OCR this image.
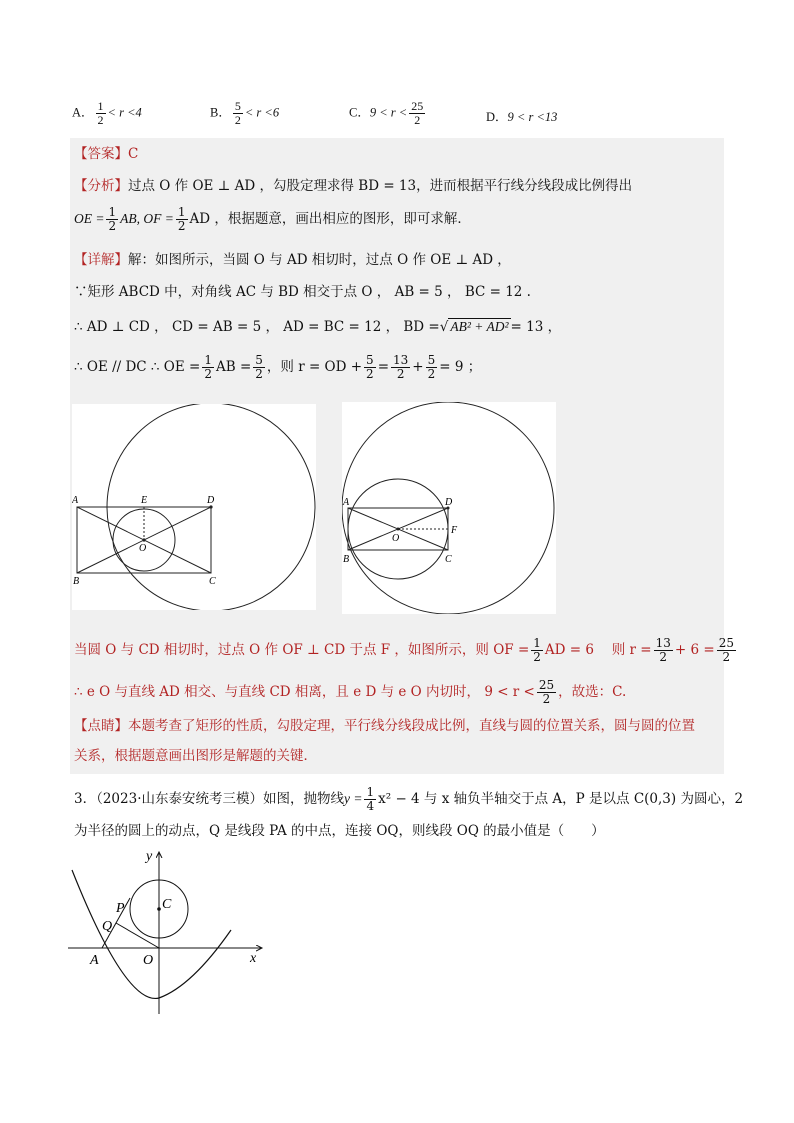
A． $\frac{1}{2} < r <4$	B． $\frac{5}{2} < r <6$	C．$9 < r < \frac{25}{2}$	D．9 < r <13
【答案】C
【分析】过点 O 作 OE ⊥ AD ，勾股定理求得 BD = 13，进而根据平行线分线段成比例得出
OE = $\frac{1}{2}$ AB, OF = $\frac{1}{2}$ AD ，根据题意，画出相应的图形，即可求解．
【详解】解：如图所示，当圆 O 与 AD 相切时，过点 O 作 OE ⊥ AD ，
∵矩形 ABCD 中，对角线 AC 与 BD 相交于点 O ， AB = 5 ， BC = 12 .
∴ AD ⊥ CD ， CD = AB = 5 ， AD = BC = 12 ， BD =√ AB² + AD² = 13 ，
∴ OE // DC ∴ OE = $\frac{1}{2}$ AB = $\frac{5}{2}$ ，则 r = OD + $\frac{5}{2} = \frac{13}{2} + \frac{5}{2} = 9$ ；
A	E	D
O
B	C
A	D
F
O
B	C
当圆 O 与 CD 相切时，过点 O 作 OF ⊥ CD 于点 F ，如图所示，则 OF = $\frac{1}{2}$ AD = 6　 则 $r = \frac{13}{2} + 6 = \frac{25}{2}$
∴ e O 与直线 AD 相交、与直线 CD 相离，且 e D 与 e O 内切时， $9 < r < \frac{25}{2}$ ，故选：C.
【点睛】本题考查了矩形的性质，勾股定理，平行线分线段成比例，直线与圆的位置关系，圆与圆的位置
关系，根据题意画出图形是解题的关键．
3．（2023·山东泰安统考三模）如图，抛物线$y = \frac{1}{4} x^2 - 4$ 与 x 轴负半轴交于点 A，P 是以点 C(0,3) 为圆心，2
为半径的圆上的动点，Q 是线段 PA 的中点，连接 OQ，则线段 OQ 的最小值是（　　）
y
x
P	C
Q
A	O
